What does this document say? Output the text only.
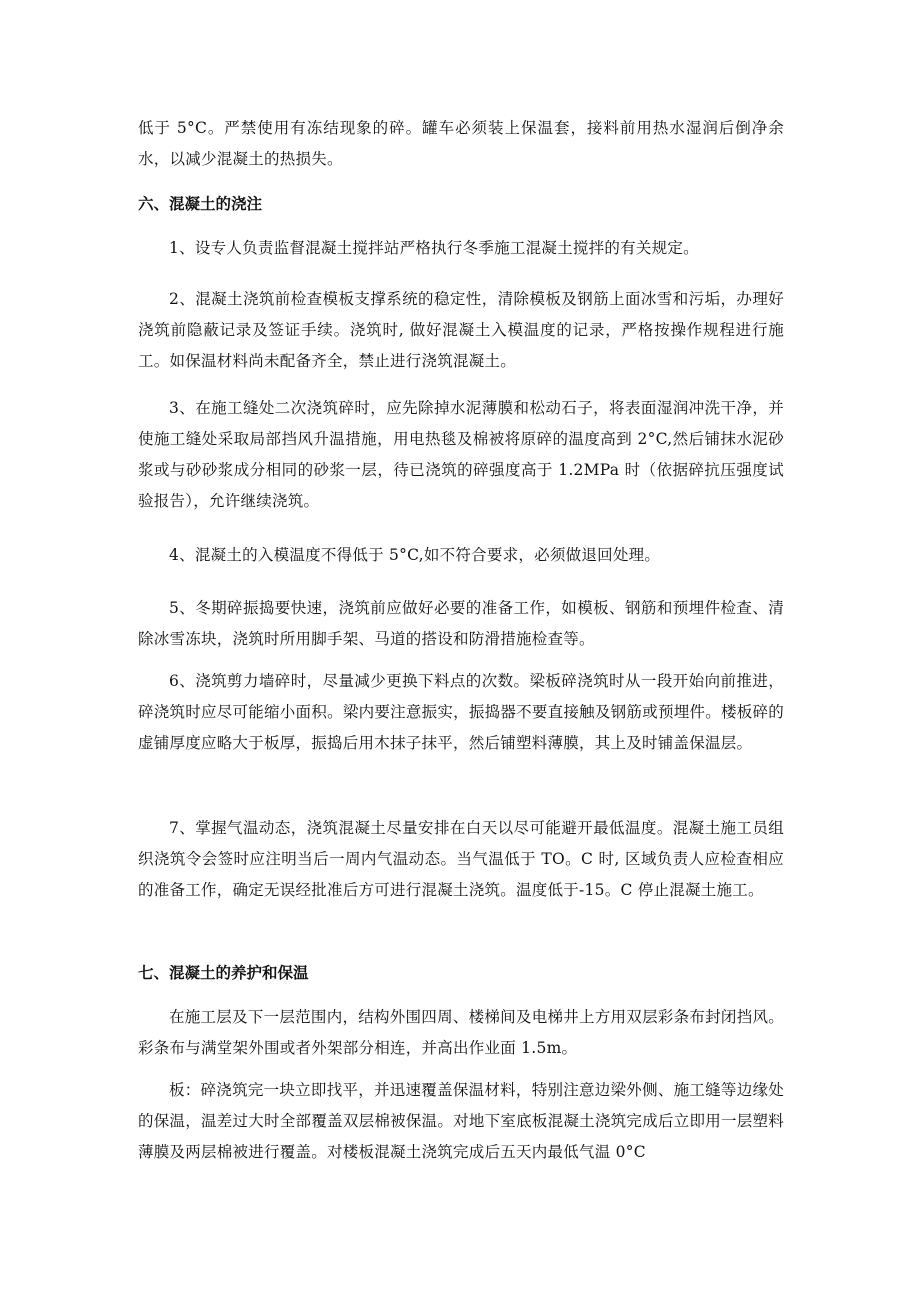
低于 5°C。严禁使用有冻结现象的碎。罐车必须装上保温套，接料前用热水湿润后倒净余水，以减少混凝土的热损失。

六、混凝土的浇注

1、设专人负责监督混凝土搅拌站严格执行冬季施工混凝土搅拌的有关规定。

2、混凝土浇筑前检查模板支撑系统的稳定性，清除模板及钢筋上面冰雪和污垢，办理好浇筑前隐蔽记录及签证手续。浇筑时, 做好混凝土入模温度的记录，严格按操作规程进行施工。如保温材料尚未配备齐全，禁止进行浇筑混凝土。

3、在施工缝处二次浇筑碎时，应先除掉水泥薄膜和松动石子，将表面湿润冲洗干净，并使施工缝处采取局部挡风升温措施，用电热毯及棉被将原碎的温度高到 2°C,然后铺抹水泥砂浆或与砂砂浆成分相同的砂浆一层，待已浇筑的碎强度高于 1.2MPa 时（依据碎抗压强度试验报告），允许继续浇筑。

4、混凝土的入模温度不得低于 5°C,如不符合要求，必须做退回处理。

5、冬期碎振捣要快速，浇筑前应做好必要的准备工作，如模板、钢筋和预埋件检查、清除冰雪冻块，浇筑时所用脚手架、马道的搭设和防滑措施检查等。

6、浇筑剪力墙碎时，尽量减少更换下料点的次数。梁板碎浇筑时从一段开始向前推进，碎浇筑时应尽可能缩小面积。梁内要注意振实，振捣器不要直接触及钢筋或预埋件。楼板碎的虚铺厚度应略大于板厚，振捣后用木抹子抹平，然后铺塑料薄膜，其上及时铺盖保温层。

7、掌握气温动态，浇筑混凝土尽量安排在白天以尽可能避开最低温度。混凝土施工员组织浇筑令会签时应注明当后一周内气温动态。当气温低于 TO。C 时, 区域负责人应检查相应的准备工作，确定无误经批准后方可进行混凝土浇筑。温度低于-15。C 停止混凝土施工。

七、混凝土的养护和保温

在施工层及下一层范围内，结构外围四周、楼梯间及电梯井上方用双层彩条布封闭挡风。彩条布与满堂架外围或者外架部分相连，并高出作业面 1.5m。

板：碎浇筑完一块立即找平，并迅速覆盖保温材料，特别注意边梁外侧、施工缝等边缘处的保温，温差过大时全部覆盖双层棉被保温。对地下室底板混凝土浇筑完成后立即用一层塑料薄膜及两层棉被进行覆盖。对楼板混凝土浇筑完成后五天内最低气温 0°C
